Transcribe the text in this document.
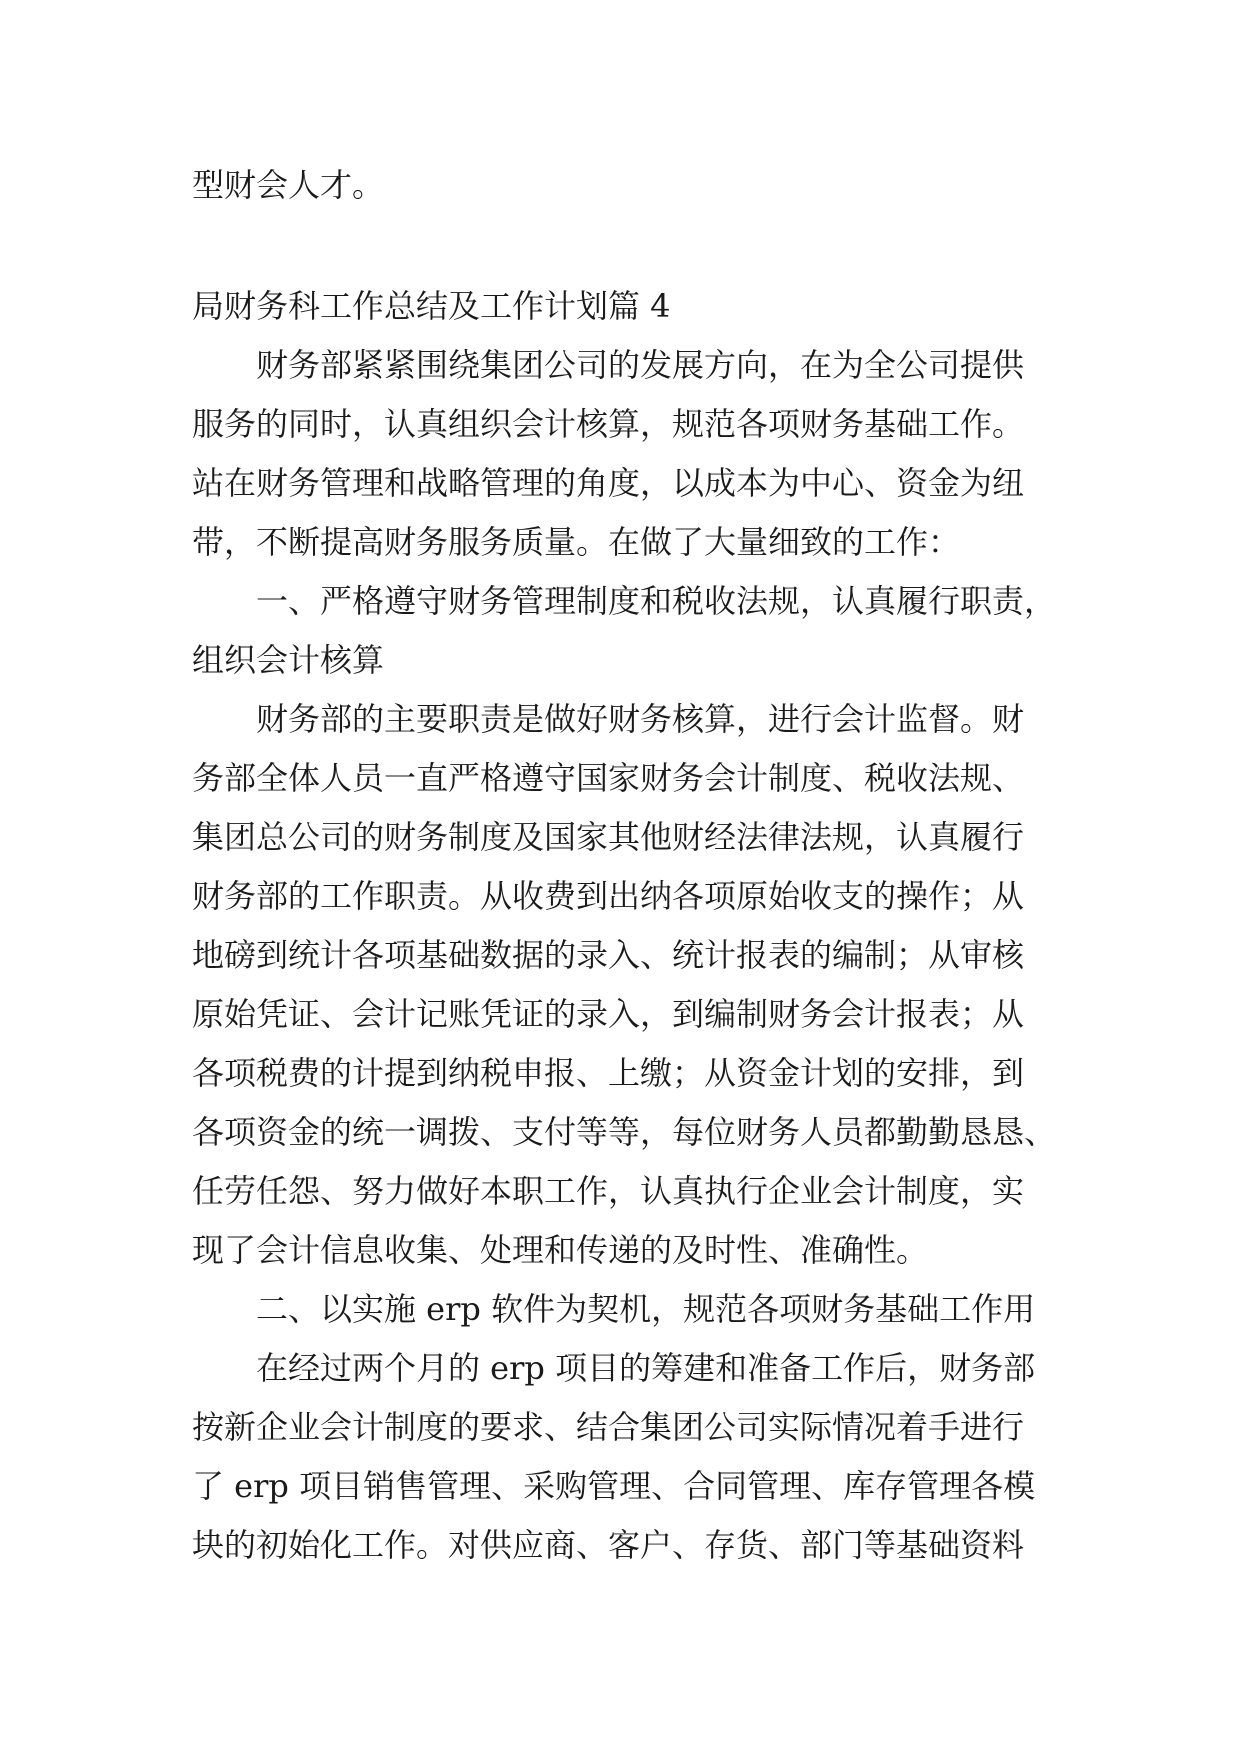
型财会人才。
局财务科工作总结及工作计划篇 4
财务部紧紧围绕集团公司的发展方向，在为全公司提供
服务的同时，认真组织会计核算，规范各项财务基础工作。
站在财务管理和战略管理的角度，以成本为中心、资金为纽
带，不断提高财务服务质量。在做了大量细致的工作：
一、严格遵守财务管理制度和税收法规，认真履行职责，
组织会计核算
财务部的主要职责是做好财务核算，进行会计监督。财
务部全体人员一直严格遵守国家财务会计制度、税收法规、
集团总公司的财务制度及国家其他财经法律法规，认真履行
财务部的工作职责。从收费到出纳各项原始收支的操作；从
地磅到统计各项基础数据的录入、统计报表的编制；从审核
原始凭证、会计记账凭证的录入，到编制财务会计报表；从
各项税费的计提到纳税申报、上缴；从资金计划的安排，到
各项资金的统一调拨、支付等等，每位财务人员都勤勤恳恳、
任劳任怨、努力做好本职工作，认真执行企业会计制度，实
现了会计信息收集、处理和传递的及时性、准确性。
二、以实施 erp 软件为契机，规范各项财务基础工作用
在经过两个月的 erp 项目的筹建和准备工作后，财务部
按新企业会计制度的要求、结合集团公司实际情况着手进行
了 erp 项目销售管理、采购管理、合同管理、库存管理各模
块的初始化工作。对供应商、客户、存货、部门等基础资料
